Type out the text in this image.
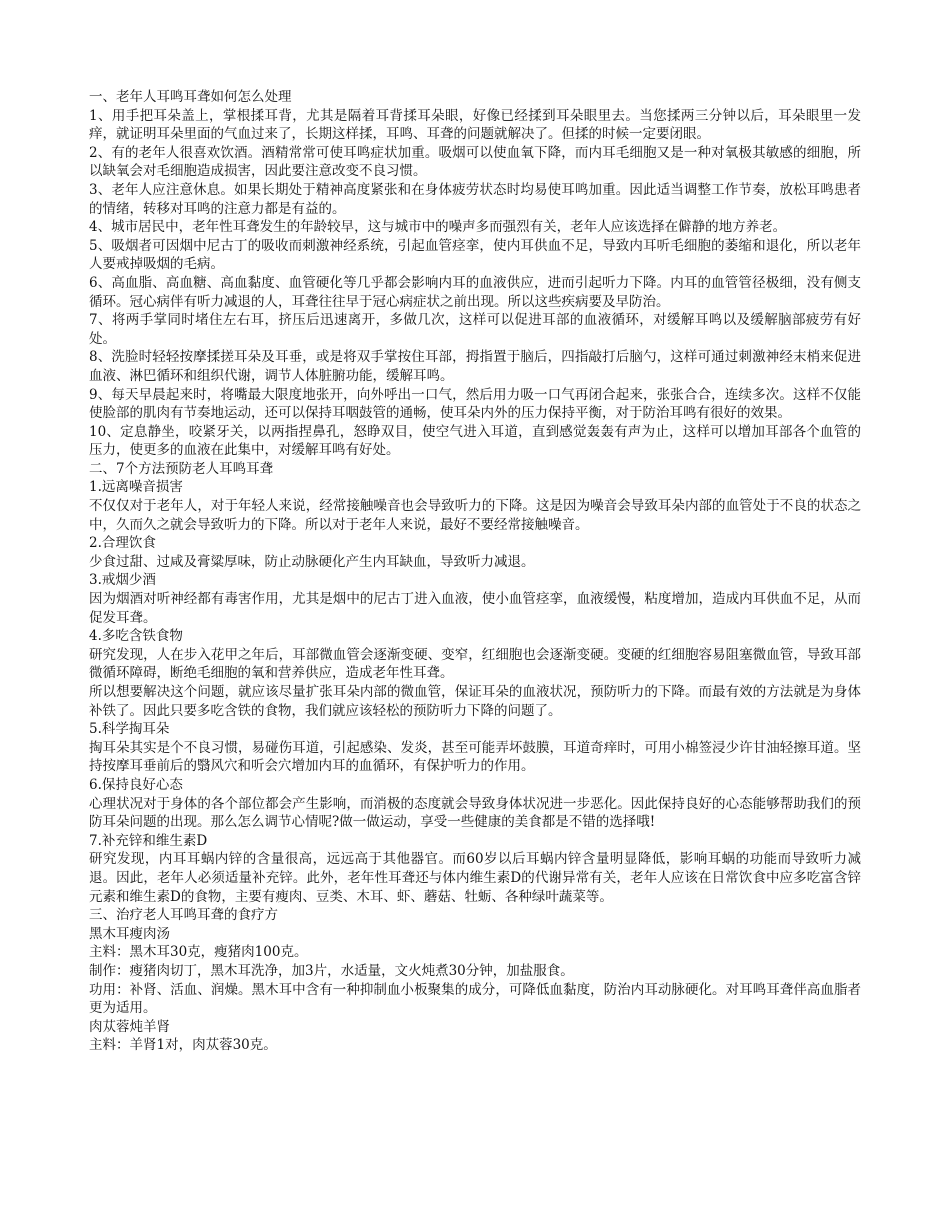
一、老年人耳鸣耳聋如何怎么处理

1、用手把耳朵盖上，掌根揉耳背，尤其是隔着耳背揉耳朵眼，好像已经揉到耳朵眼里去。当您揉两三分钟以后，耳朵眼里一发痒，就证明耳朵里面的气血过来了，长期这样揉，耳鸣、耳聋的问题就解决了。但揉的时候一定要闭眼。

2、有的老年人很喜欢饮酒。酒精常常可使耳鸣症状加重。吸烟可以使血氧下降，而内耳毛细胞又是一种对氧极其敏感的细胞，所以缺氧会对毛细胞造成损害，因此要注意改变不良习惯。

3、老年人应注意休息。如果长期处于精神高度紧张和在身体疲劳状态时均易使耳鸣加重。因此适当调整工作节奏，放松耳鸣患者的情绪，转移对耳鸣的注意力都是有益的。

4、城市居民中，老年性耳聋发生的年龄较早，这与城市中的噪声多而强烈有关，老年人应该选择在僻静的地方养老。

5、吸烟者可因烟中尼古丁的吸收而刺激神经系统，引起血管痉挛，使内耳供血不足，导致内耳听毛细胞的萎缩和退化，所以老年人要戒掉吸烟的毛病。

6、高血脂、高血糖、高血黏度、血管硬化等几乎都会影响内耳的血液供应，进而引起听力下降。内耳的血管管径极细，没有侧支循环。冠心病伴有听力减退的人，耳聋往往早于冠心病症状之前出现。所以这些疾病要及早防治。

7、将两手掌同时堵住左右耳，挤压后迅速离开，多做几次，这样可以促进耳部的血液循环，对缓解耳鸣以及缓解脑部疲劳有好处。

8、洗脸时轻轻按摩揉搓耳朵及耳垂，或是将双手掌按住耳部，拇指置于脑后，四指敲打后脑勺，这样可通过刺激神经末梢来促进血液、淋巴循环和组织代谢，调节人体脏腑功能，缓解耳鸣。

9、每天早晨起来时，将嘴最大限度地张开，向外呼出一口气，然后用力吸一口气再闭合起来，张张合合，连续多次。这样不仅能使脸部的肌肉有节奏地运动，还可以保持耳咽鼓管的通畅，使耳朵内外的压力保持平衡，对于防治耳鸣有很好的效果。

10、定息静坐，咬紧牙关，以两指捏鼻孔，怒睁双目，使空气进入耳道，直到感觉轰轰有声为止，这样可以增加耳部各个血管的压力，使更多的血液在此集中，对缓解耳鸣有好处。

二、7个方法预防老人耳鸣耳聋

1.远离噪音损害

不仅仅对于老年人，对于年轻人来说，经常接触噪音也会导致听力的下降。这是因为噪音会导致耳朵内部的血管处于不良的状态之中，久而久之就会导致听力的下降。所以对于老年人来说，最好不要经常接触噪音。

2.合理饮食

少食过甜、过咸及膏粱厚味，防止动脉硬化产生内耳缺血，导致听力减退。

3.戒烟少酒

因为烟酒对听神经都有毒害作用，尤其是烟中的尼古丁进入血液，使小血管痉挛，血液缓慢，粘度增加，造成内耳供血不足，从而促发耳聋。

4.多吃含铁食物

研究发现，人在步入花甲之年后，耳部微血管会逐渐变硬、变窄，红细胞也会逐渐变硬。变硬的红细胞容易阻塞微血管，导致耳部微循环障碍，断绝毛细胞的氧和营养供应，造成老年性耳聋。

所以想要解决这个问题，就应该尽量扩张耳朵内部的微血管，保证耳朵的血液状况，预防听力的下降。而最有效的方法就是为身体补铁了。因此只要多吃含铁的食物，我们就应该轻松的预防听力下降的问题了。

5.科学掏耳朵

掏耳朵其实是个不良习惯，易碰伤耳道，引起感染、发炎，甚至可能弄坏鼓膜，耳道奇痒时，可用小棉签浸少许甘油轻擦耳道。坚持按摩耳垂前后的翳风穴和听会穴增加内耳的血循环，有保护听力的作用。

6.保持良好心态

心理状况对于身体的各个部位都会产生影响，而消极的态度就会导致身体状况进一步恶化。因此保持良好的心态能够帮助我们的预防耳朵问题的出现。那么怎么调节心情呢?做一做运动，享受一些健康的美食都是不错的选择哦!

7.补充锌和维生素D

研究发现，内耳耳蜗内锌的含量很高，远远高于其他器官。而60岁以后耳蜗内锌含量明显降低，影响耳蜗的功能而导致听力减退。因此，老年人必须适量补充锌。此外，老年性耳聋还与体内维生素D的代谢异常有关，老年人应该在日常饮食中应多吃富含锌元素和维生素D的食物，主要有瘦肉、豆类、木耳、虾、蘑菇、牡蛎、各种绿叶蔬菜等。

三、治疗老人耳鸣耳聋的食疗方

黑木耳瘦肉汤

主料：黑木耳30克，瘦猪肉100克。

制作：瘦猪肉切丁，黑木耳洗净，加3片，水适量，文火炖煮30分钟，加盐服食。

功用：补肾、活血、润燥。黑木耳中含有一种抑制血小板聚集的成分，可降低血黏度，防治内耳动脉硬化。对耳鸣耳聋伴高血脂者更为适用。

肉苁蓉炖羊肾

主料：羊肾1对，肉苁蓉30克。
